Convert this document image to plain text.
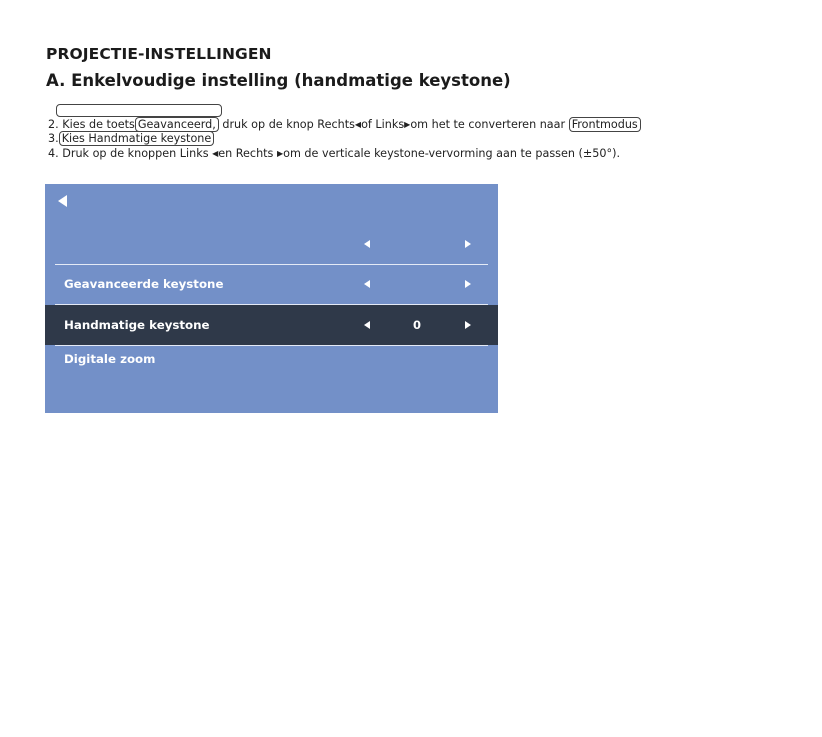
PROJECTIE-INSTELLINGEN
A. Enkelvoudige instelling (handmatige keystone)
2. Kies de toets Geavanceerd, druk op de knop Rechts◀of Links▶om het te converteren naar Frontmodus
3. Kies Handmatige keystone
4. Druk op de knoppen Links ◀en Rechts ▶om de verticale keystone-vervorming aan te passen (±50°).
Geavanceerde keystone
Handmatige keystone	0
Digitale zoom
